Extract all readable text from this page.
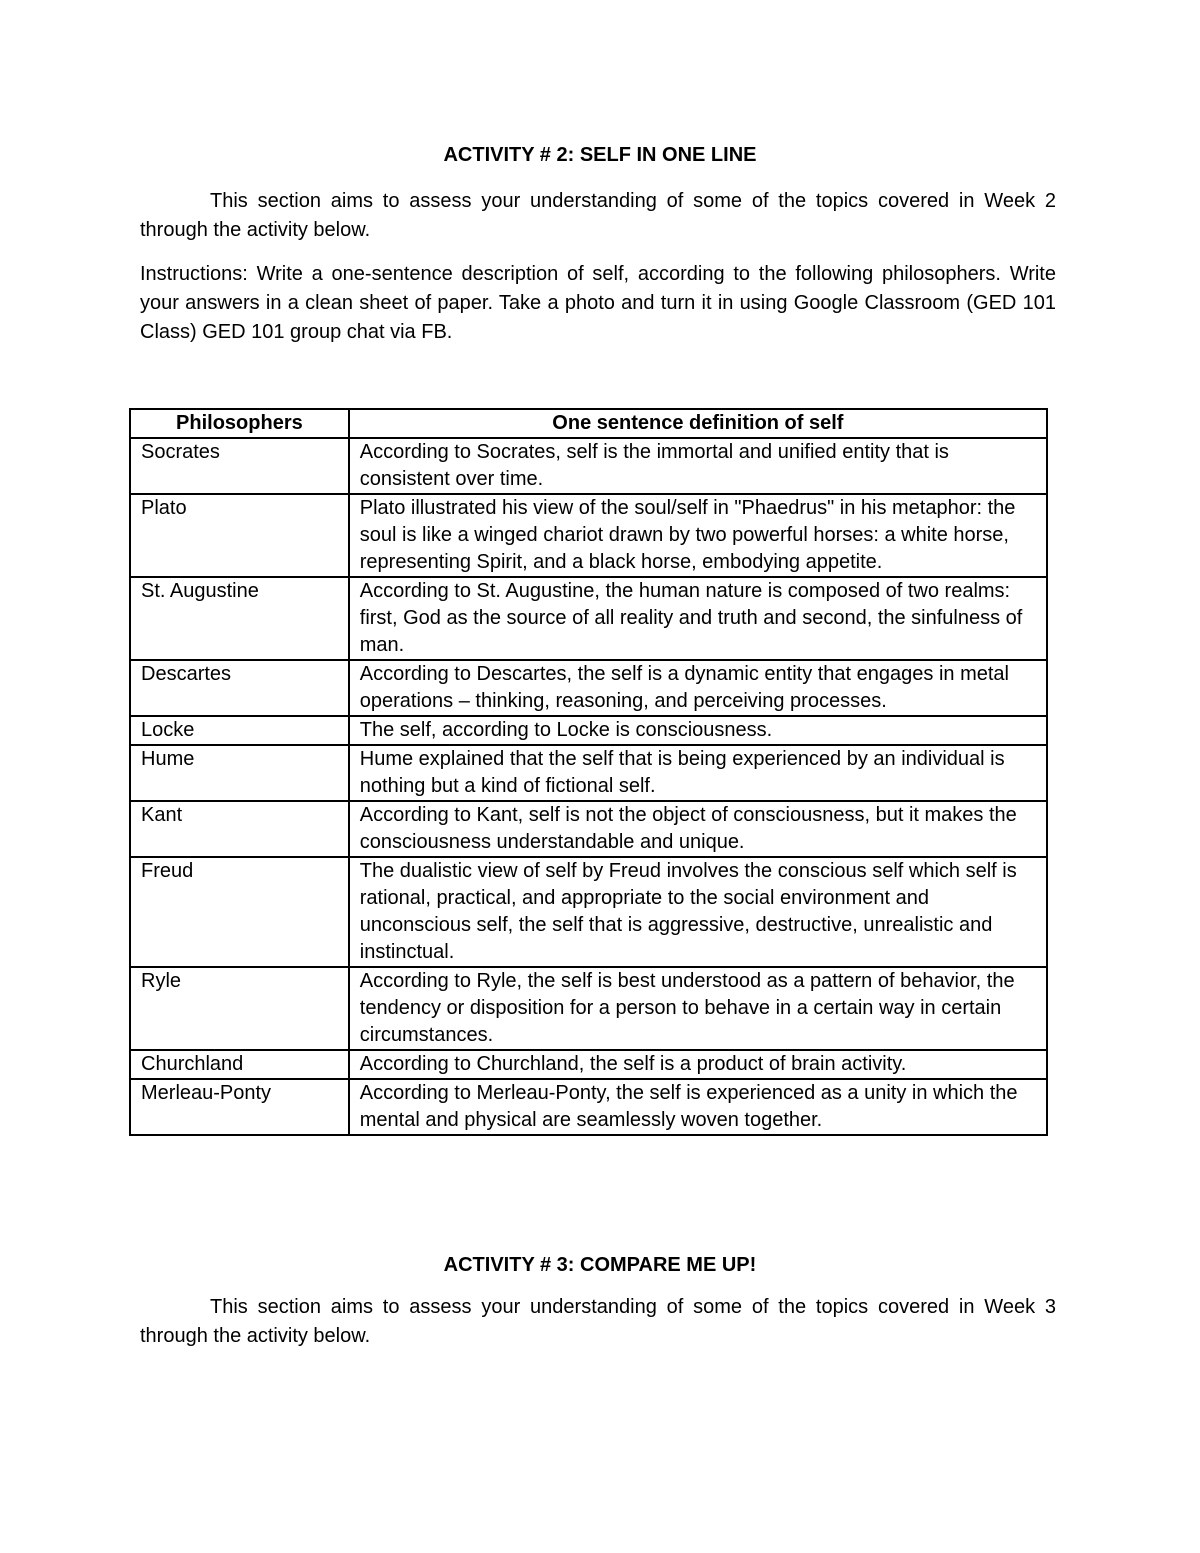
ACTIVITY # 2: SELF IN ONE LINE

This section aims to assess your understanding of some of the topics covered in Week 2 through the activity below.

Instructions: Write a one-sentence description of self, according to the following philosophers. Write your answers in a clean sheet of paper. Take a photo and turn it in using Google Classroom (GED 101 Class) GED 101 group chat via FB.

Philosophers	One sentence definition of self
Socrates	According to Socrates, self is the immortal and unified entity that is consistent over time.
Plato	Plato illustrated his view of the soul/self in "Phaedrus" in his metaphor: the soul is like a winged chariot drawn by two powerful horses: a white horse, representing Spirit, and a black horse, embodying appetite.
St. Augustine	According to St. Augustine, the human nature is composed of two realms: first, God as the source of all reality and truth and second, the sinfulness of man.
Descartes	According to Descartes, the self is a dynamic entity that engages in metal operations – thinking, reasoning, and perceiving processes.
Locke	The self, according to Locke is consciousness.
Hume	Hume explained that the self that is being experienced by an individual is nothing but a kind of fictional self.
Kant	According to Kant, self is not the object of consciousness, but it makes the consciousness understandable and unique.
Freud	The dualistic view of self by Freud involves the conscious self which self is rational, practical, and appropriate to the social environment and unconscious self, the self that is aggressive, destructive, unrealistic and instinctual.
Ryle	According to Ryle, the self is best understood as a pattern of behavior, the tendency or disposition for a person to behave in a certain way in certain circumstances.
Churchland	According to Churchland, the self is a product of brain activity.
Merleau-Ponty	According to Merleau-Ponty, the self is experienced as a unity in which the mental and physical are seamlessly woven together.
ACTIVITY # 3: COMPARE ME UP!

This section aims to assess your understanding of some of the topics covered in Week 3 through the activity below.
